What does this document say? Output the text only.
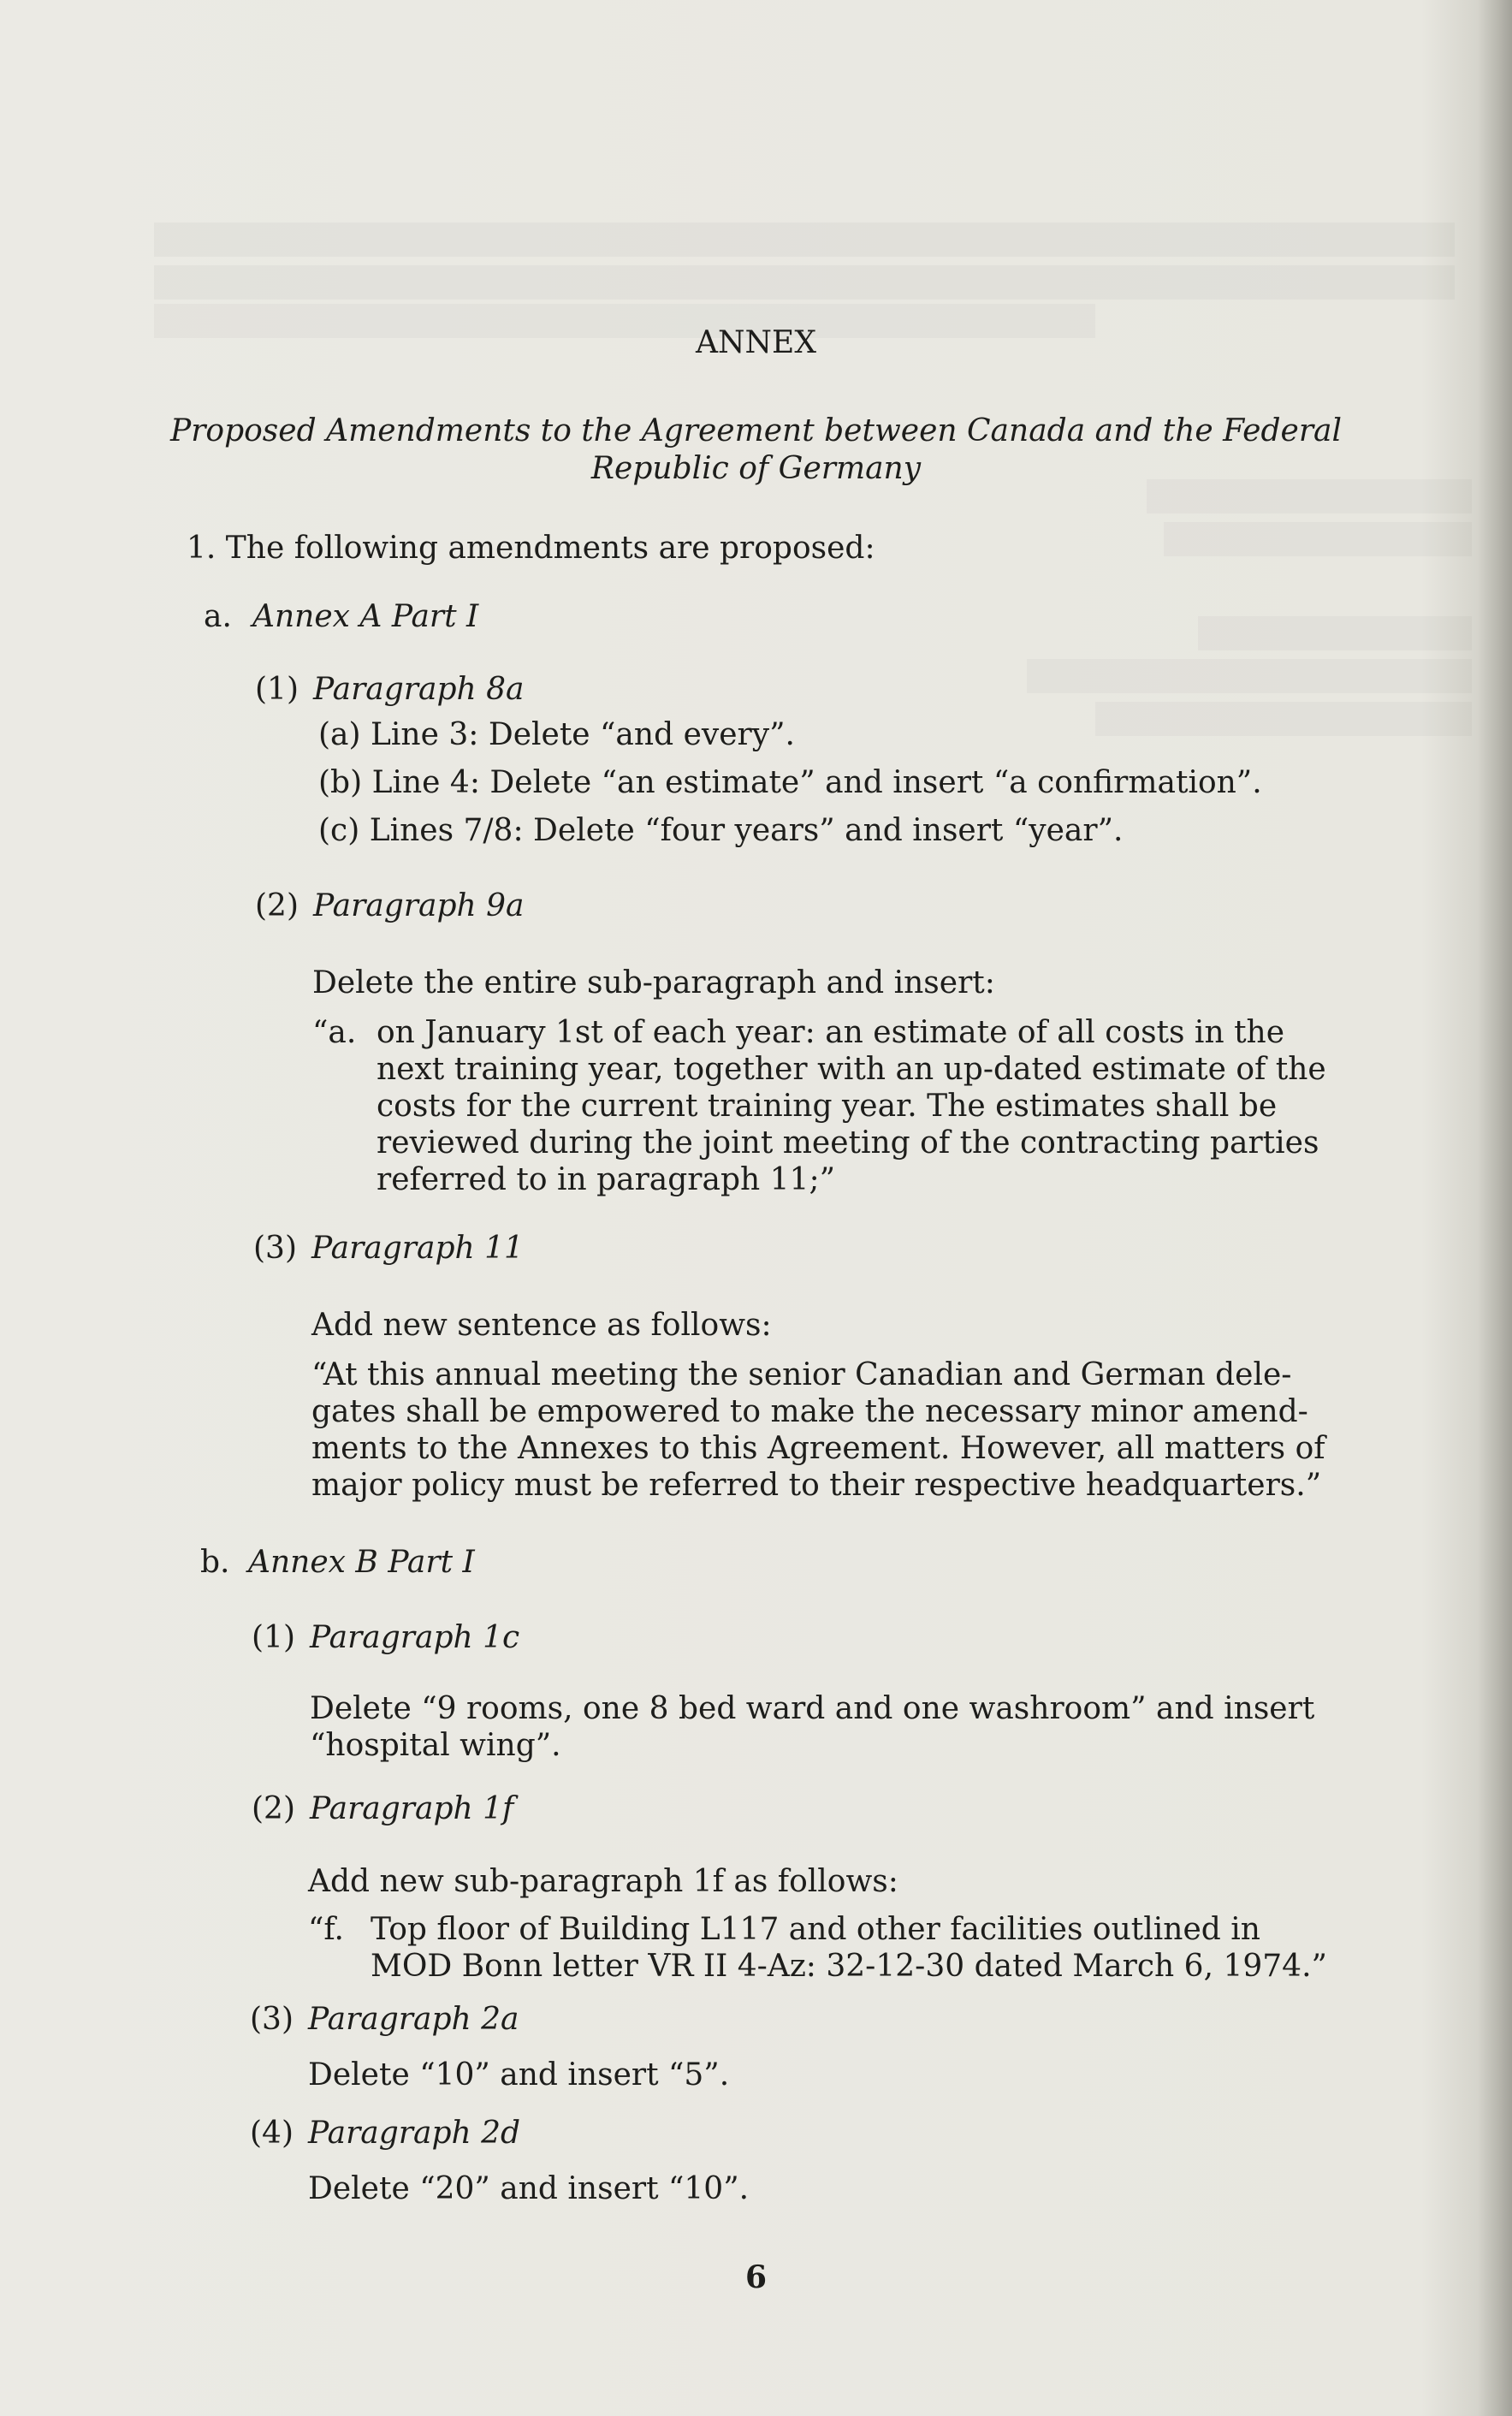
ANNEX
Proposed Amendments to the Agreement between Canada and the Federal
Republic of Germany
1. The following amendments are proposed:
a. Annex A Part I
(1) Paragraph 8a
(a) Line 3: Delete “and every”.
(b) Line 4: Delete “an estimate” and insert “a confirmation”.
(c) Lines 7/8: Delete “four years” and insert “year”.
(2) Paragraph 9a
Delete the entire sub-paragraph and insert:
“a. on January 1st of each year: an estimate of all costs in the
next training year, together with an up-dated estimate of the
costs for the current training year. The estimates shall be
reviewed during the joint meeting of the contracting parties
referred to in paragraph 11;”
(3) Paragraph 11
Add new sentence as follows:
“At this annual meeting the senior Canadian and German dele-
gates shall be empowered to make the necessary minor amend-
ments to the Annexes to this Agreement. However, all matters of
major policy must be referred to their respective headquarters.”
b. Annex B Part I
(1) Paragraph 1c
Delete “9 rooms, one 8 bed ward and one washroom” and insert
“hospital wing”.
(2) Paragraph 1f
Add new sub-paragraph 1f as follows:
“f. Top floor of Building L117 and other facilities outlined in
MOD Bonn letter VR II 4-Az: 32-12-30 dated March 6, 1974.”
(3) Paragraph 2a
Delete “10” and insert “5”.
(4) Paragraph 2d
Delete “20” and insert “10”.
6
